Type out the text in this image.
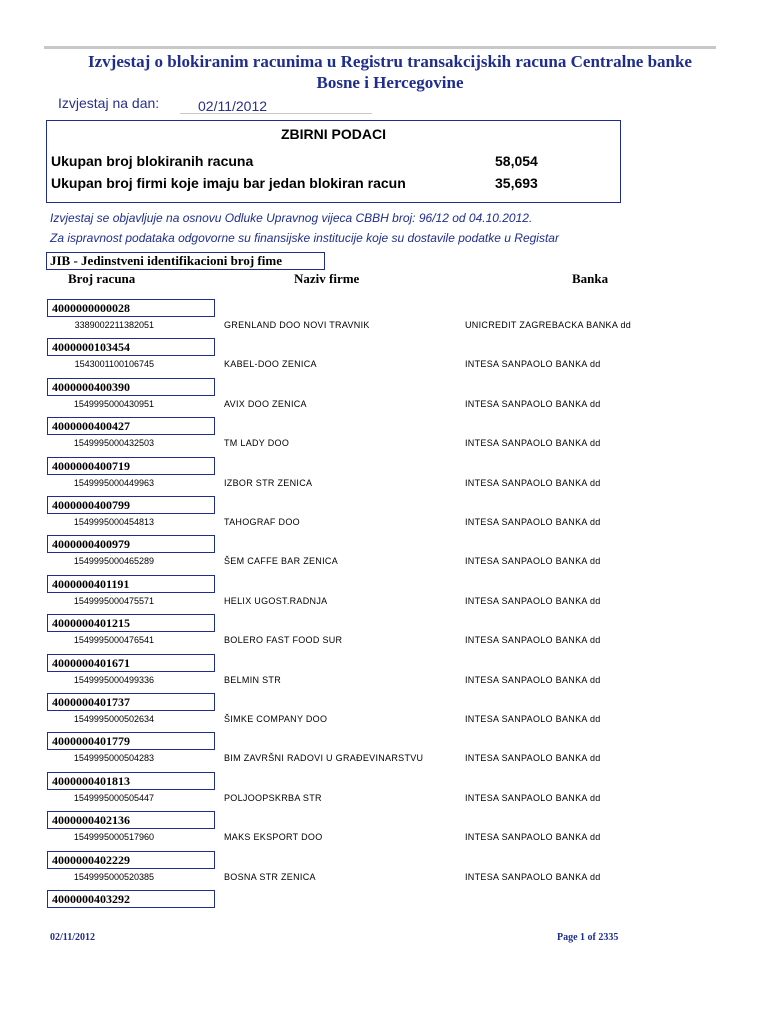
Izvjestaj o blokiranim racunima u Registru transakcijskih racuna Centralne banke
Bosne i Hercegovine
Izvjestaj na dan:	02/11/2012
ZBIRNI PODACI
Ukupan broj blokiranih racuna	58,054
Ukupan broj firmi koje imaju bar jedan blokiran racun	35,693
Izvjestaj se objavljuje na osnovu Odluke Upravnog vijeca CBBH broj: 96/12 od 04.10.2012.
Za ispravnost podataka odgovorne su finansijske institucije koje su dostavile podatke u Registar
JIB - Jedinstveni identifikacioni broj fime
Broj racuna	Naziv firme	Banka
4000000000028
3389002211382051	GRENLAND DOO NOVI TRAVNIK	UNICREDIT ZAGREBACKA BANKA dd
4000000103454
1543001100106745	KABEL-DOO ZENICA	INTESA SANPAOLO BANKA dd
4000000400390
1549995000430951	AVIX DOO ZENICA	INTESA SANPAOLO BANKA dd
4000000400427
1549995000432503	TM LADY DOO	INTESA SANPAOLO BANKA dd
4000000400719
1549995000449963	IZBOR STR ZENICA	INTESA SANPAOLO BANKA dd
4000000400799
1549995000454813	TAHOGRAF DOO	INTESA SANPAOLO BANKA dd
4000000400979
1549995000465289	ŠEM CAFFE BAR ZENICA	INTESA SANPAOLO BANKA dd
4000000401191
1549995000475571	HELIX UGOST.RADNJA	INTESA SANPAOLO BANKA dd
4000000401215
1549995000476541	BOLERO FAST FOOD SUR	INTESA SANPAOLO BANKA dd
4000000401671
1549995000499336	BELMIN STR	INTESA SANPAOLO BANKA dd
4000000401737
1549995000502634	ŠIMKE COMPANY DOO	INTESA SANPAOLO BANKA dd
4000000401779
1549995000504283	BIM ZAVRŠNI RADOVI U GRAĐEVINARSTVU	INTESA SANPAOLO BANKA dd
4000000401813
1549995000505447	POLJOOPSKRBA STR	INTESA SANPAOLO BANKA dd
4000000402136
1549995000517960	MAKS EKSPORT DOO	INTESA SANPAOLO BANKA dd
4000000402229
1549995000520385	BOSNA STR ZENICA	INTESA SANPAOLO BANKA dd
4000000403292
02/11/2012	Page 1 of 2335
